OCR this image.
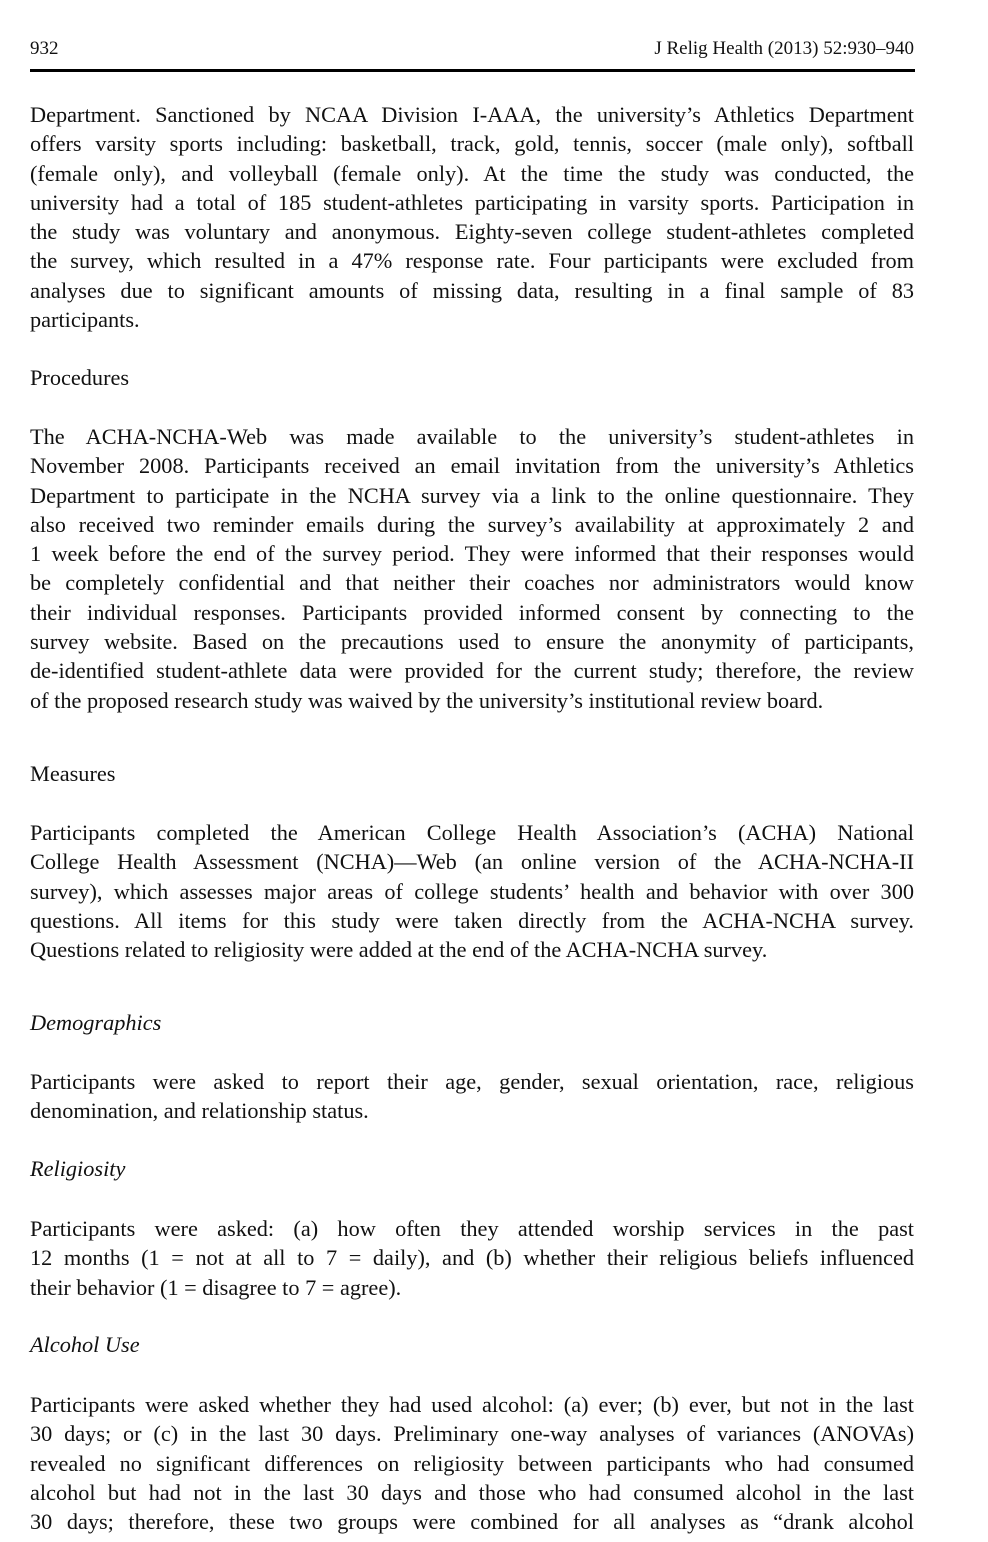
932	J Relig Health (2013) 52:930–940
Department. Sanctioned by NCAA Division I-AAA, the university’s Athletics Department
offers varsity sports including: basketball, track, gold, tennis, soccer (male only), softball
(female only), and volleyball (female only). At the time the study was conducted, the
university had a total of 185 student-athletes participating in varsity sports. Participation in
the study was voluntary and anonymous. Eighty-seven college student-athletes completed
the survey, which resulted in a 47% response rate. Four participants were excluded from
analyses due to significant amounts of missing data, resulting in a final sample of 83
participants.
Procedures
The ACHA-NCHA-Web was made available to the university’s student-athletes in
November 2008. Participants received an email invitation from the university’s Athletics
Department to participate in the NCHA survey via a link to the online questionnaire. They
also received two reminder emails during the survey’s availability at approximately 2 and
1 week before the end of the survey period. They were informed that their responses would
be completely confidential and that neither their coaches nor administrators would know
their individual responses. Participants provided informed consent by connecting to the
survey website. Based on the precautions used to ensure the anonymity of participants,
de-identified student-athlete data were provided for the current study; therefore, the review
of the proposed research study was waived by the university’s institutional review board.
Measures
Participants completed the American College Health Association’s (ACHA) National
College Health Assessment (NCHA)—Web (an online version of the ACHA-NCHA-II
survey), which assesses major areas of college students’ health and behavior with over 300
questions. All items for this study were taken directly from the ACHA-NCHA survey.
Questions related to religiosity were added at the end of the ACHA-NCHA survey.
Demographics
Participants were asked to report their age, gender, sexual orientation, race, religious
denomination, and relationship status.
Religiosity
Participants were asked: (a) how often they attended worship services in the past
12 months (1 = not at all to 7 = daily), and (b) whether their religious beliefs influenced
their behavior (1 = disagree to 7 = agree).
Alcohol Use
Participants were asked whether they had used alcohol: (a) ever; (b) ever, but not in the last
30 days; or (c) in the last 30 days. Preliminary one-way analyses of variances (ANOVAs)
revealed no significant differences on religiosity between participants who had consumed
alcohol but had not in the last 30 days and those who had consumed alcohol in the last
30 days; therefore, these two groups were combined for all analyses as “drank alcohol
